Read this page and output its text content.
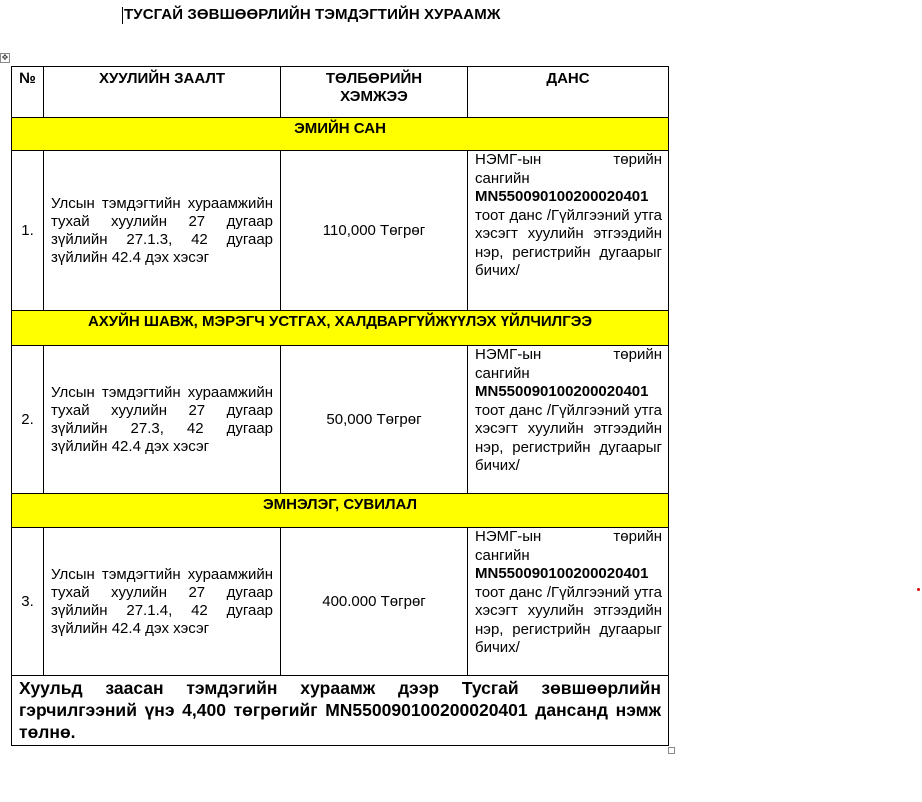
ТУСГАЙ ЗӨВШӨӨРЛИЙН ТЭМДЭГТИЙН ХУРААМЖ
✥
№	ХУУЛИЙН ЗААЛТ	ТӨЛБӨРИЙН ХЭМЖЭЭ	ДАНС
ЭМИЙН САН			
1.	Улсын тэмдэгтийн хураамжийн тухай хуулийн 27 дугаар зүйлийн 27.1.3, 42 дугаар зүйлийн 42.4 дэх хэсэг	110,000 Төгрөг	НЭМГ-ын төрийн
сангийн
MN550090100200020401
тоот данс /Гүйлгээний утга хэсэгт хуулийн этгээдийн нэр, регистрийн дугаарыг бичих/

АХУЙН ШАВЖ, МЭРЭГЧ УСТГАХ, ХАЛДВАРГҮЙЖҮҮЛЭХ ҮЙЛЧИЛГЭЭ			
2.	Улсын тэмдэгтийн хураамжийн тухай хуулийн 27 дугаар зүйлийн 27.3, 42 дугаар зүйлийн 42.4 дэх хэсэг	50,000 Төгрөг	НЭМГ-ын төрийн
сангийн
MN550090100200020401
тоот данс /Гүйлгээний утга хэсэгт хуулийн этгээдийн нэр, регистрийн дугаарыг бичих/

ЭМНЭЛЭГ, СУВИЛАЛ			
3.	Улсын тэмдэгтийн хураамжийн тухай хуулийн 27 дугаар зүйлийн 27.1.4, 42 дугаар зүйлийн 42.4 дэх хэсэг	400.000 Төгрөг	НЭМГ-ын төрийн
сангийн
MN550090100200020401
тоот данс /Гүйлгээний утга хэсэгт хуулийн этгээдийн нэр, регистрийн дугаарыг бичих/

Хуульд заасан тэмдэгийн хураамж дээр Тусгай зөвшөөрлийн гэрчилгээний үнэ 4,400 төгрөгийг MN550090100200020401 дансанд нэмж төлнө.			
